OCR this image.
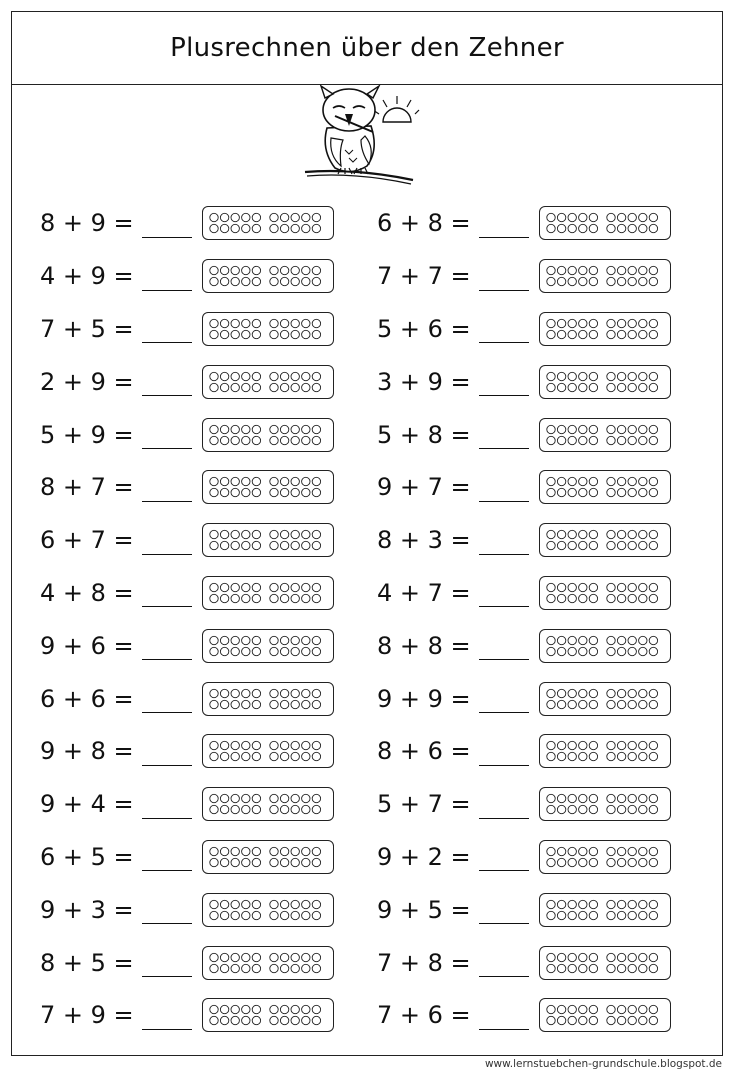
Plusrechnen über den Zehner
8 + 9 =
4 + 9 =
7 + 5 =
2 + 9 =
5 + 9 =
8 + 7 =
6 + 7 =
4 + 8 =
9 + 6 =
6 + 6 =
9 + 8 =
9 + 4 =
6 + 5 =
9 + 3 =
8 + 5 =
7 + 9 =
6 + 8 =
7 + 7 =
5 + 6 =
3 + 9 =
5 + 8 =
9 + 7 =
8 + 3 =
4 + 7 =
8 + 8 =
9 + 9 =
8 + 6 =
5 + 7 =
9 + 2 =
9 + 5 =
7 + 8 =
7 + 6 =
www.lernstuebchen-grundschule.blogspot.de
